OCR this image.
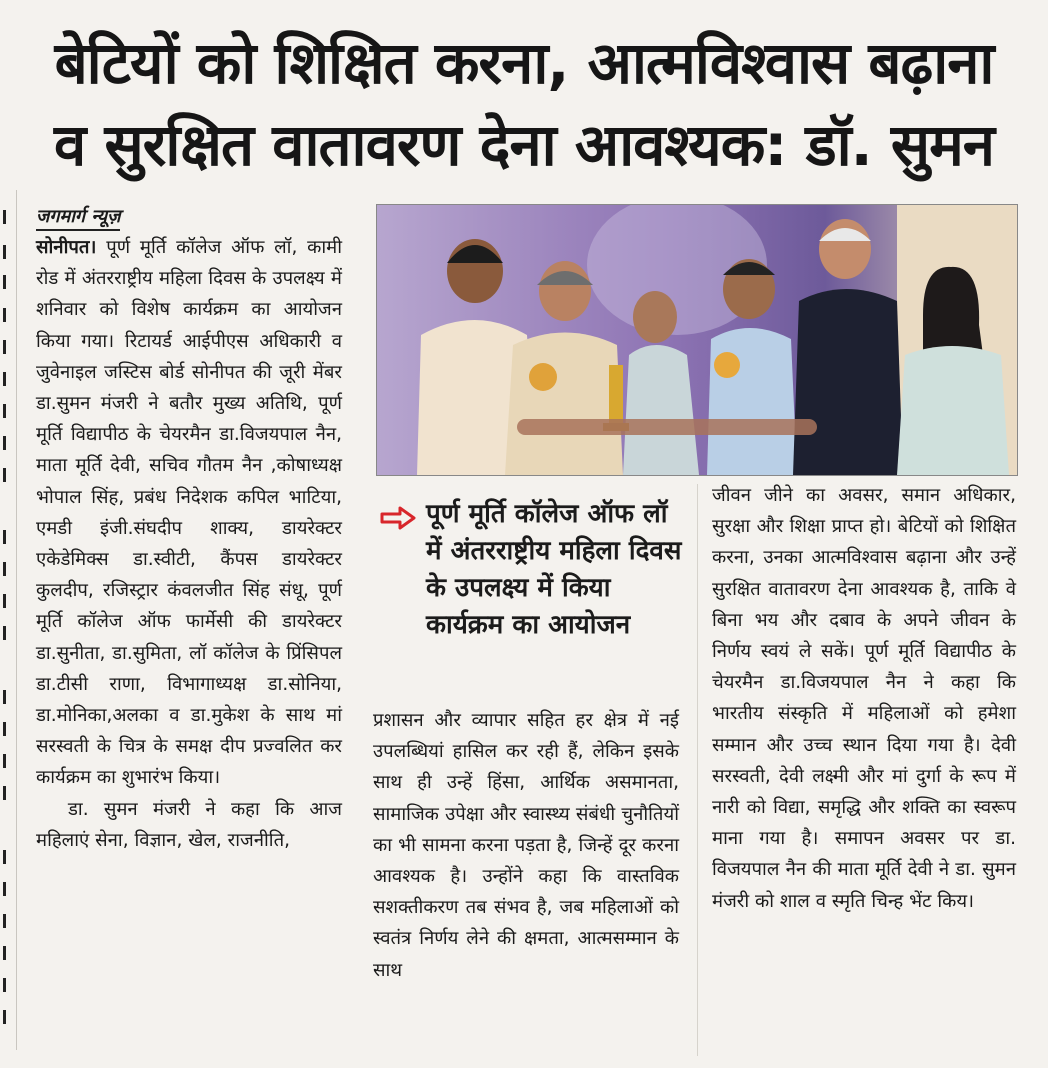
बेटियों को शिक्षित करना, आत्मविश्वास बढ़ाना
व सुरक्षित वातावरण देना आवश्यक: डॉ. सुमन
जगमार्ग न्यूज़

सोनीपत। पूर्ण मूर्ति कॉलेज ऑफ लॉ, कामी रोड में अंतरराष्ट्रीय महिला दिवस के उपलक्ष्य में शनिवार को विशेष कार्यक्रम का आयोजन किया गया। रिटायर्ड आईपीएस अधिकारी व जुवेनाइल जस्टिस बोर्ड सोनीपत की जूरी मेंबर डा.सुमन मंजरी ने बतौर मुख्य अतिथि, पूर्ण मूर्ति विद्यापीठ के चेयरमैन डा.विजयपाल नैन, माता मूर्ति देवी, सचिव गौतम नैन ,कोषाध्यक्ष भोपाल सिंह, प्रबंध निदेशक कपिल भाटिया, एमडी इंजी.संघदीप शाक्य, डायरेक्टर एकेडेमिक्स डा.स्वीटी, कैंपस डायरेक्टर कुलदीप, रजिस्ट्रार कंवलजीत सिंह संधू, पूर्ण मूर्ति कॉलेज ऑफ फार्मेसी की डायरेक्टर डा.सुनीता, डा.सुमिता, लॉ कॉलेज के प्रिंसिपल डा.टीसी राणा, विभागाध्यक्ष डा.सोनिया, डा.मोनिका,अलका व डा.मुकेश के साथ मां सरस्वती के चित्र के समक्ष दीप प्रज्वलित कर कार्यक्रम का शुभारंभ किया।
डा. सुमन मंजरी ने कहा कि आज महिलाएं सेना, विज्ञान, खेल, राजनीति,

पूर्ण मूर्ति कॉलेज ऑफ लॉ में अंतरराष्ट्रीय महिला दिवस के उपलक्ष्य में किया कार्यक्रम का आयोजन

प्रशासन और व्यापार सहित हर क्षेत्र में नई उपलब्धियां हासिल कर रही हैं, लेकिन इसके साथ ही उन्हें हिंसा, आर्थिक असमानता, सामाजिक उपेक्षा और स्वास्थ्य संबंधी चुनौतियों का भी सामना करना पड़ता है, जिन्हें दूर करना आवश्यक है। उन्होंने कहा कि वास्तविक सशक्तीकरण तब संभव है, जब महिलाओं को स्वतंत्र निर्णय लेने की क्षमता, आत्मसम्मान के साथ

जीवन जीने का अवसर, समान अधिकार, सुरक्षा और शिक्षा प्राप्त हो। बेटियों को शिक्षित करना, उनका आत्मविश्वास बढ़ाना और उन्हें सुरक्षित वातावरण देना आवश्यक है, ताकि वे बिना भय और दबाव के अपने जीवन के निर्णय स्वयं ले सकें। पूर्ण मूर्ति विद्यापीठ के चेयरमैन डा.विजयपाल नैन ने कहा कि भारतीय संस्कृति में महिलाओं को हमेशा सम्मान और उच्च स्थान दिया गया है। देवी सरस्वती, देवी लक्ष्मी और मां दुर्गा के रूप में नारी को विद्या, समृद्धि और शक्ति का स्वरूप माना गया है। समापन अवसर पर डा. विजयपाल नैन की माता मूर्ति देवी ने डा. सुमन मंजरी को शाल व स्मृति चिन्ह भेंट किय।
